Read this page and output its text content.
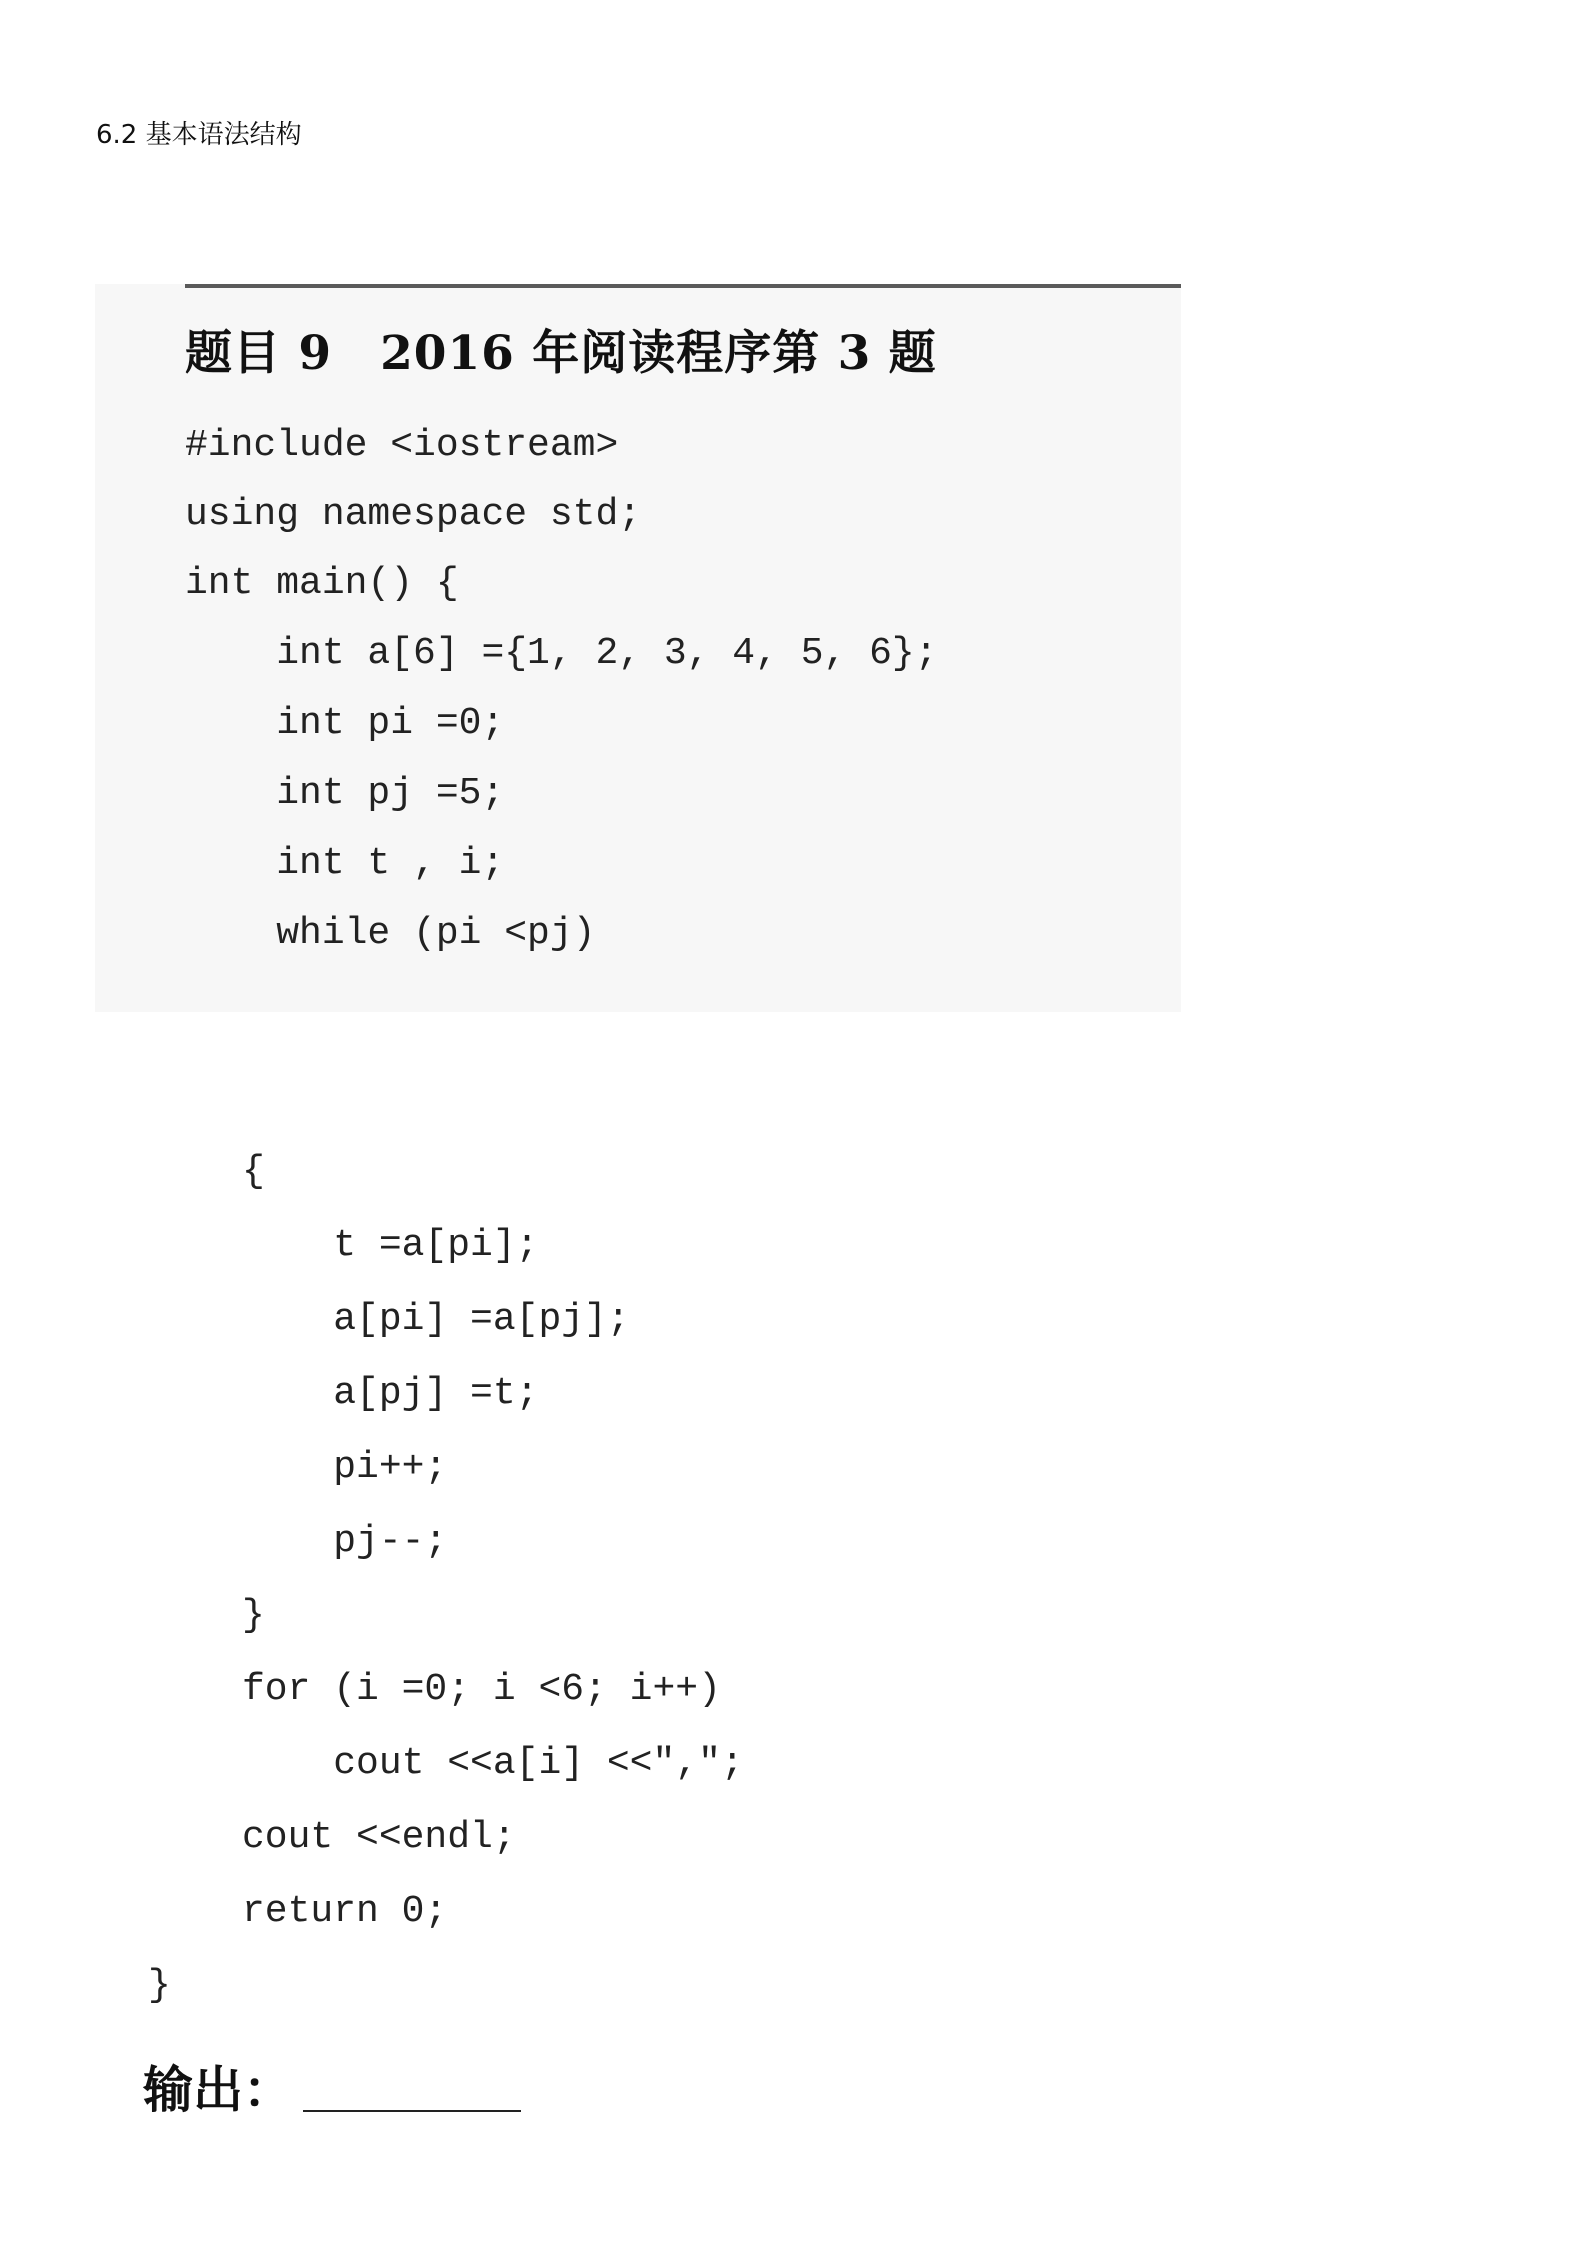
6.2 基本语法结构
题目 9　2016 年阅读程序第 3 题
#include <iostream>
using namespace std;
int main() {
int a[6] ={1, 2, 3, 4, 5, 6};
int pi =0;
int pj =5;
int t , i;
while (pi <pj)
{
t =a[pi];
a[pi] =a[pj];
a[pj] =t;
pi++;
pj--;
}
for (i =0; i <6; i++)
cout <<a[i] <<",";
cout <<endl;
return 0;
}
输出：
